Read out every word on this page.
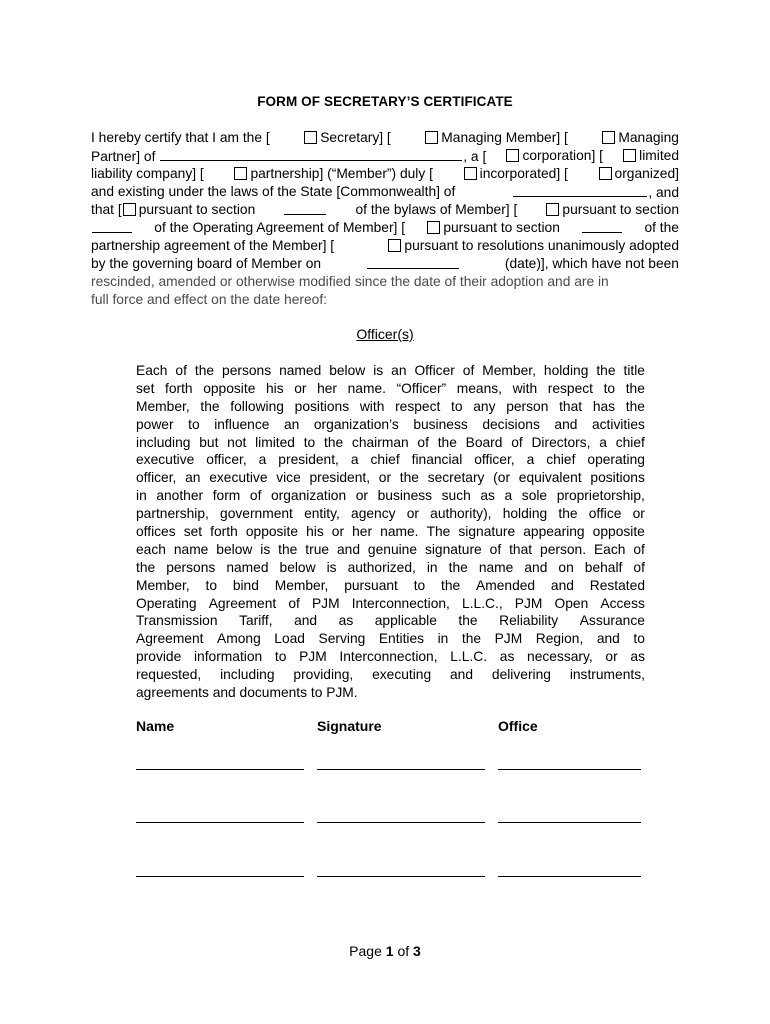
FORM OF SECRETARY’S CERTIFICATE
I hereby certify that I am the [	Secretary] [	Managing Member] [	Managing
Partner] of	, a [	corporation] [	limited
liability company] [	partnership] (“Member”) duly [	incorporated] [	organized]
and existing under the laws of the State [Commonwealth] of	, and
that [ pursuant to section	of the bylaws of Member] [	pursuant to section
of the Operating Agreement of Member] [	pursuant to section	of the
partnership agreement of the Member] [	pursuant to resolutions unanimously adopted
by the governing board of Member on	(date)], which have not been
rescinded, amended or otherwise modified since the date of their adoption and are in
full force and effect on the date hereof:
Officer(s)
Each of the persons named below is an Officer of Member, holding the title
set forth opposite his or her name. “Officer” means, with respect to the
Member, the following positions with respect to any person that has the
power to influence an organization’s business decisions and activities
including but not limited to the chairman of the Board of Directors, a chief
executive officer, a president, a chief financial officer, a chief operating
officer, an executive vice president, or the secretary (or equivalent positions
in another form of organization or business such as a sole proprietorship,
partnership, government entity, agency or authority), holding the office or
offices set forth opposite his or her name. The signature appearing opposite
each name below is the true and genuine signature of that person. Each of
the persons named below is authorized, in the name and on behalf of
Member, to bind Member, pursuant to the Amended and Restated
Operating Agreement of PJM Interconnection, L.L.C., PJM Open Access
Transmission Tariff, and as applicable the Reliability Assurance
Agreement Among Load Serving Entities in the PJM Region, and to
provide information to PJM Interconnection, L.L.C. as necessary, or as
requested, including providing, executing and delivering instruments,
agreements and documents to PJM.
Name	Signature	Office
Page 1 of 3
